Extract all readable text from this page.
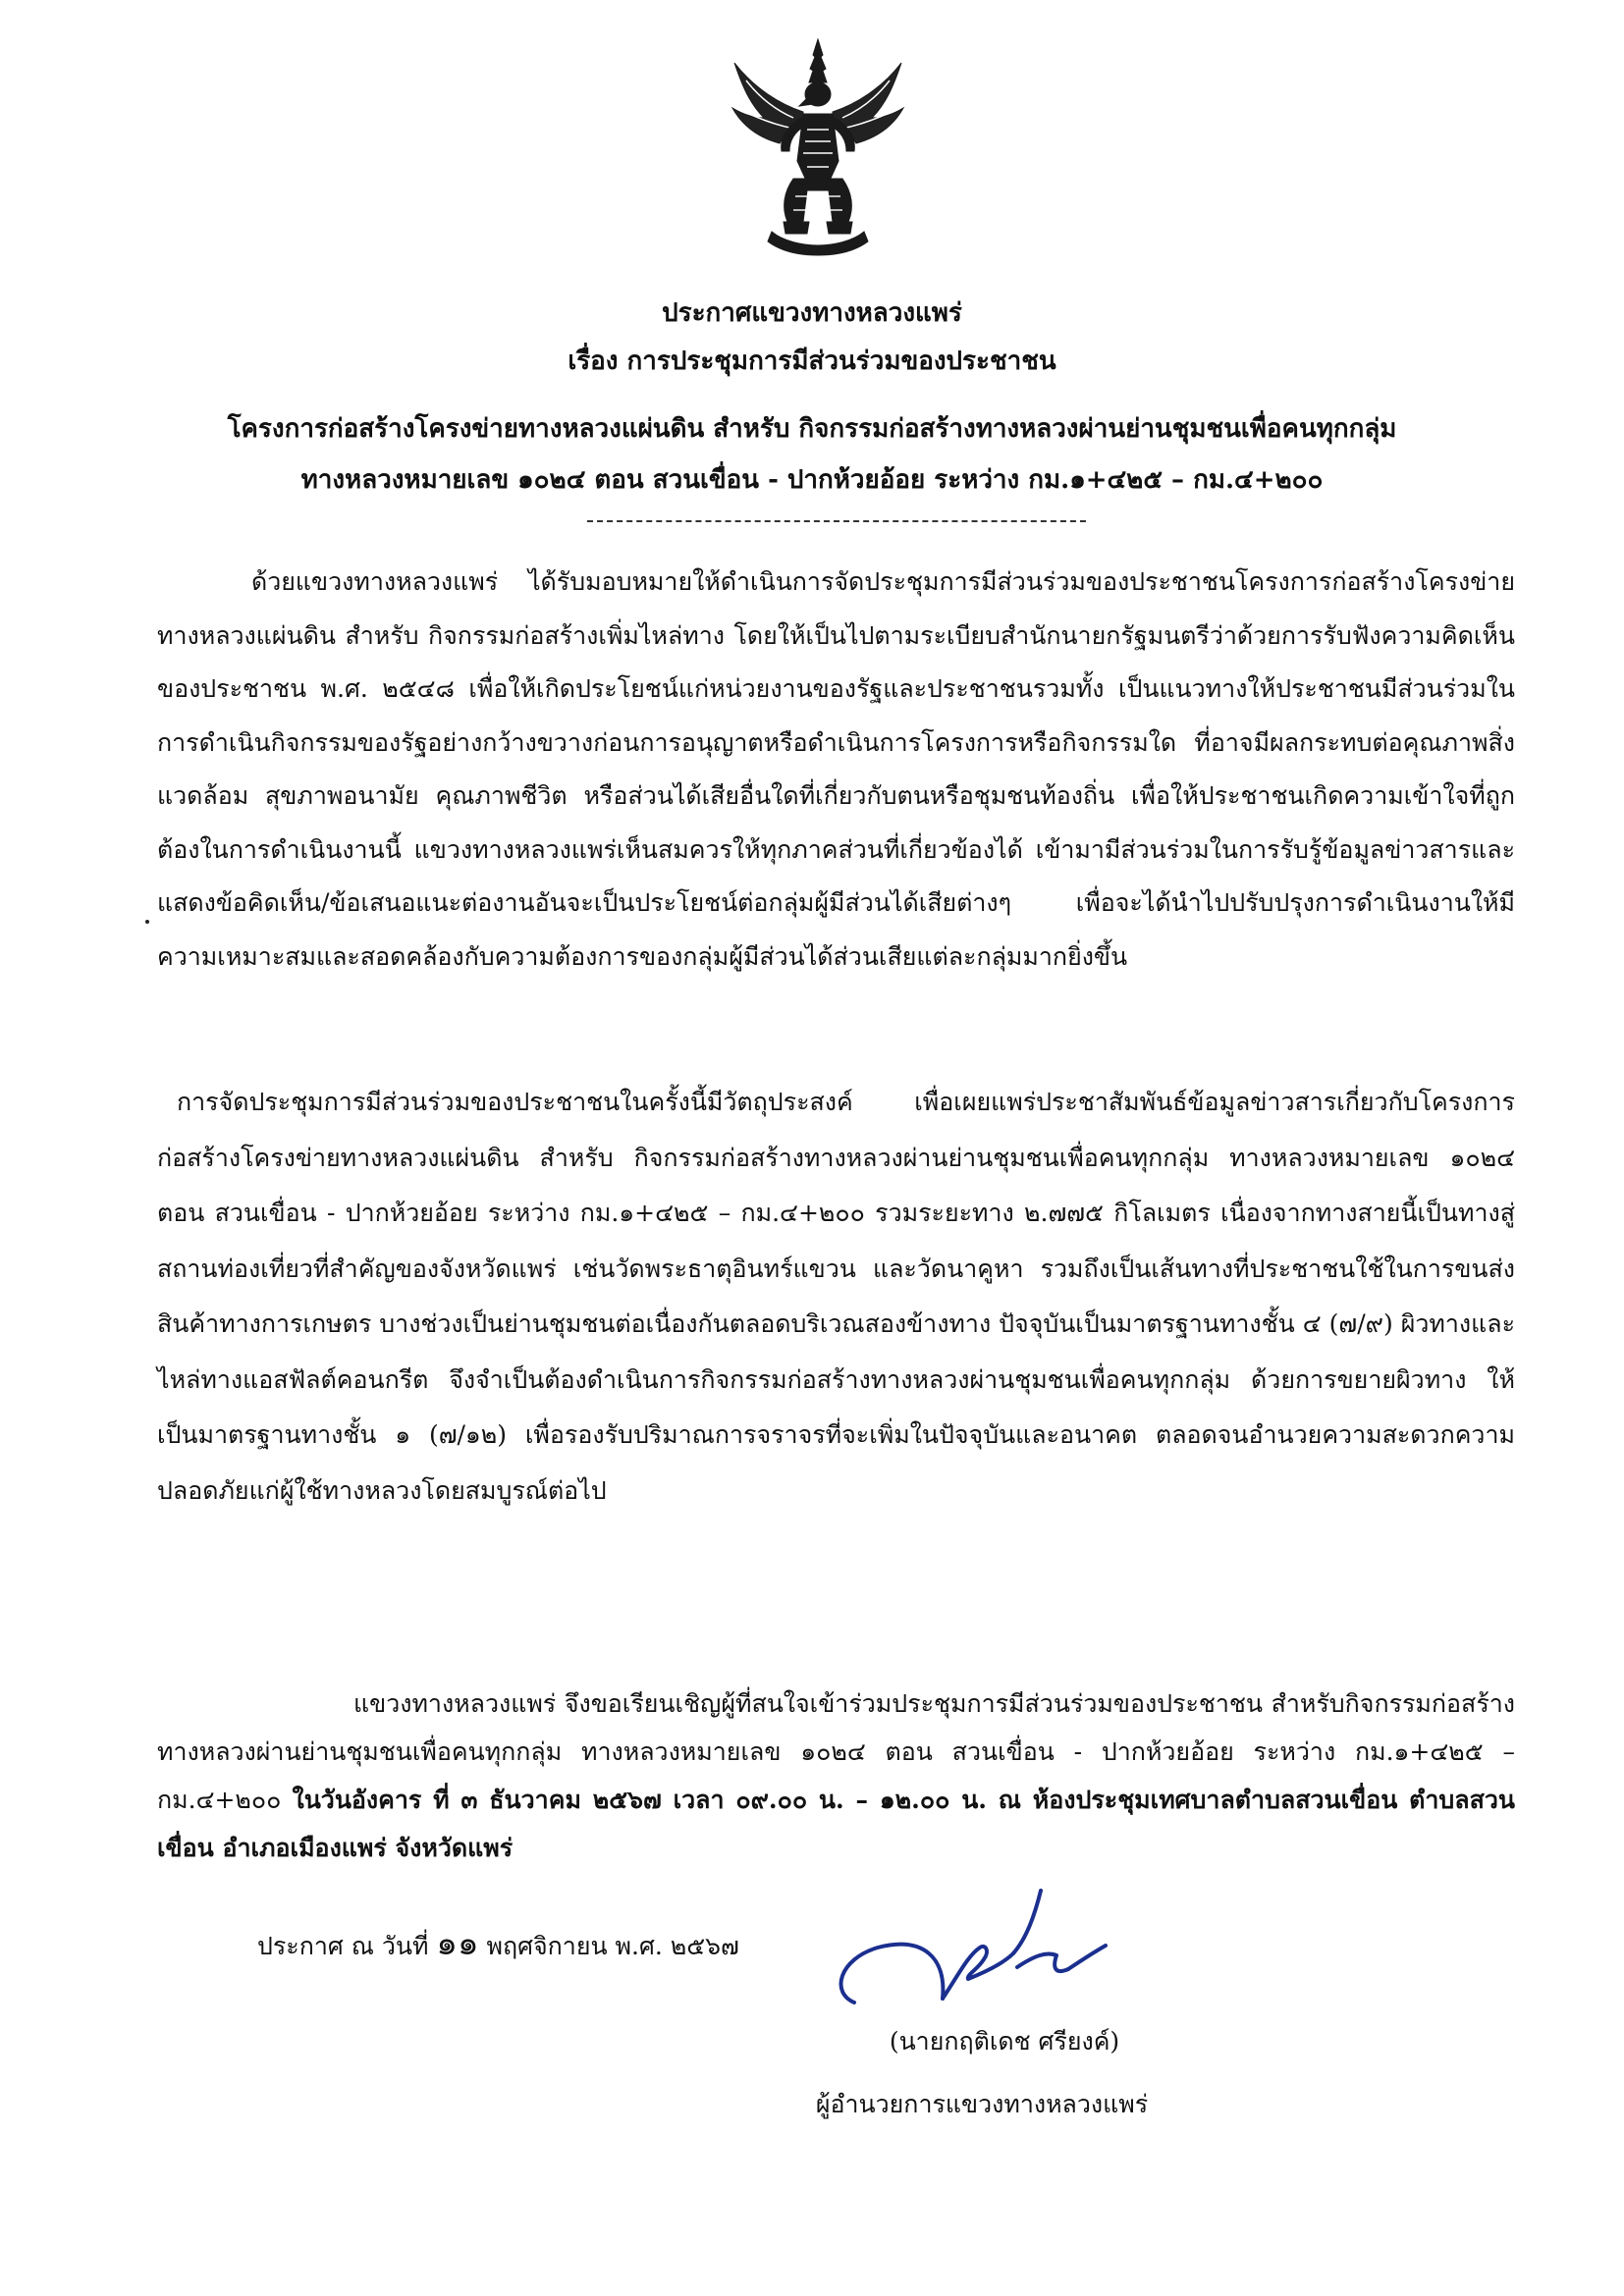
ประกาศแขวงทางหลวงแพร่
เรื่อง การประชุมการมีส่วนร่วมของประชาชน
โครงการก่อสร้างโครงข่ายทางหลวงแผ่นดิน สำหรับ กิจกรรมก่อสร้างทางหลวงผ่านย่านชุมชนเพื่อคนทุกกลุ่ม
ทางหลวงหมายเลข ๑๐๒๔ ตอน สวนเขื่อน - ปากห้วยอ้อย ระหว่าง กม.๑+๔๒๕ – กม.๔+๒๐๐
ด้วยแขวงทางหลวงแพร่ ได้รับมอบหมายให้ดำเนินการจัดประชุมการมีส่วนร่วมของประชาชนโครงการก่อสร้างโครงข่ายทางหลวงแผ่นดิน สำหรับ กิจกรรมก่อสร้างเพิ่มไหล่ทาง โดยให้เป็นไปตามระเบียบสำนักนายกรัฐมนตรีว่าด้วยการรับฟังความคิดเห็นของประชาชน พ.ศ. ๒๕๔๘ เพื่อให้เกิดประโยชน์แก่หน่วยงานของรัฐและประชาชนรวมทั้ง เป็นแนวทางให้ประชาชนมีส่วนร่วมในการดำเนินกิจกรรมของรัฐอย่างกว้างขวางก่อนการอนุญาตหรือดำเนินการโครงการหรือกิจกรรมใด ที่อาจมีผลกระทบต่อคุณภาพสิ่งแวดล้อม สุขภาพอนามัย คุณภาพชีวิต หรือส่วนได้เสียอื่นใดที่เกี่ยวกับตนหรือชุมชนท้องถิ่น เพื่อให้ประชาชนเกิดความเข้าใจที่ถูกต้องในการดำเนินงานนี้ แขวงทางหลวงแพร่เห็นสมควรให้ทุกภาคส่วนที่เกี่ยวข้องได้ เข้ามามีส่วนร่วมในการรับรู้ข้อมูลข่าวสารและแสดงข้อคิดเห็น/ข้อเสนอแนะต่องานอันจะเป็นประโยชน์ต่อกลุ่มผู้มีส่วนได้เสียต่างๆ เพื่อจะได้นำไปปรับปรุงการดำเนินงานให้มีความเหมาะสมและสอดคล้องกับความต้องการของกลุ่มผู้มีส่วนได้ส่วนเสียแต่ละกลุ่มมากยิ่งขึ้น
การจัดประชุมการมีส่วนร่วมของประชาชนในครั้งนี้มีวัตถุประสงค์ เพื่อเผยแพร่ประชาสัมพันธ์ข้อมูลข่าวสารเกี่ยวกับโครงการก่อสร้างโครงข่ายทางหลวงแผ่นดิน สำหรับ กิจกรรมก่อสร้างทางหลวงผ่านย่านชุมชนเพื่อคนทุกกลุ่ม ทางหลวงหมายเลข ๑๐๒๔ ตอน สวนเขื่อน - ปากห้วยอ้อย ระหว่าง กม.๑+๔๒๕ – กม.๔+๒๐๐ รวมระยะทาง ๒.๗๗๕ กิโลเมตร เนื่องจากทางสายนี้เป็นทางสู่สถานท่องเที่ยวที่สำคัญของจังหวัดแพร่ เช่นวัดพระธาตุอินทร์แขวน และวัดนาคูหา รวมถึงเป็นเส้นทางที่ประชาชนใช้ในการขนส่งสินค้าทางการเกษตร บางช่วงเป็นย่านชุมชนต่อเนื่องกันตลอดบริเวณสองข้างทาง ปัจจุบันเป็นมาตรฐานทางชั้น ๔ (๗/๙) ผิวทางและไหล่ทางแอสฟัลต์คอนกรีต จึงจำเป็นต้องดำเนินการกิจกรรมก่อสร้างทางหลวงผ่านชุมชนเพื่อคนทุกกลุ่ม ด้วยการขยายผิวทาง ให้เป็นมาตรฐานทางชั้น ๑ (๗/๑๒) เพื่อรองรับปริมาณการจราจรที่จะเพิ่มในปัจจุบันและอนาคต ตลอดจนอำนวยความสะดวกความปลอดภัยแก่ผู้ใช้ทางหลวงโดยสมบูรณ์ต่อไป
แขวงทางหลวงแพร่ จึงขอเรียนเชิญผู้ที่สนใจเข้าร่วมประชุมการมีส่วนร่วมของประชาชน สำหรับกิจกรรมก่อสร้างทางหลวงผ่านย่านชุมชนเพื่อคนทุกกลุ่ม ทางหลวงหมายเลข ๑๐๒๔ ตอน สวนเขื่อน - ปากห้วยอ้อย ระหว่าง กม.๑+๔๒๕ – กม.๔+๒๐๐ ในวันอังคาร ที่ ๓ ธันวาคม ๒๕๖๗ เวลา ๐๙.๐๐ น. – ๑๒.๐๐ น. ณ ห้องประชุมเทศบาลตำบลสวนเขื่อน ตำบลสวนเขื่อน อำเภอเมืองแพร่ จังหวัดแพร่
ประกาศ ณ วันที่ ๑๑ พฤศจิกายน พ.ศ. ๒๕๖๗
(นายกฤติเดช ศรียงค์)
ผู้อำนวยการแขวงทางหลวงแพร่
